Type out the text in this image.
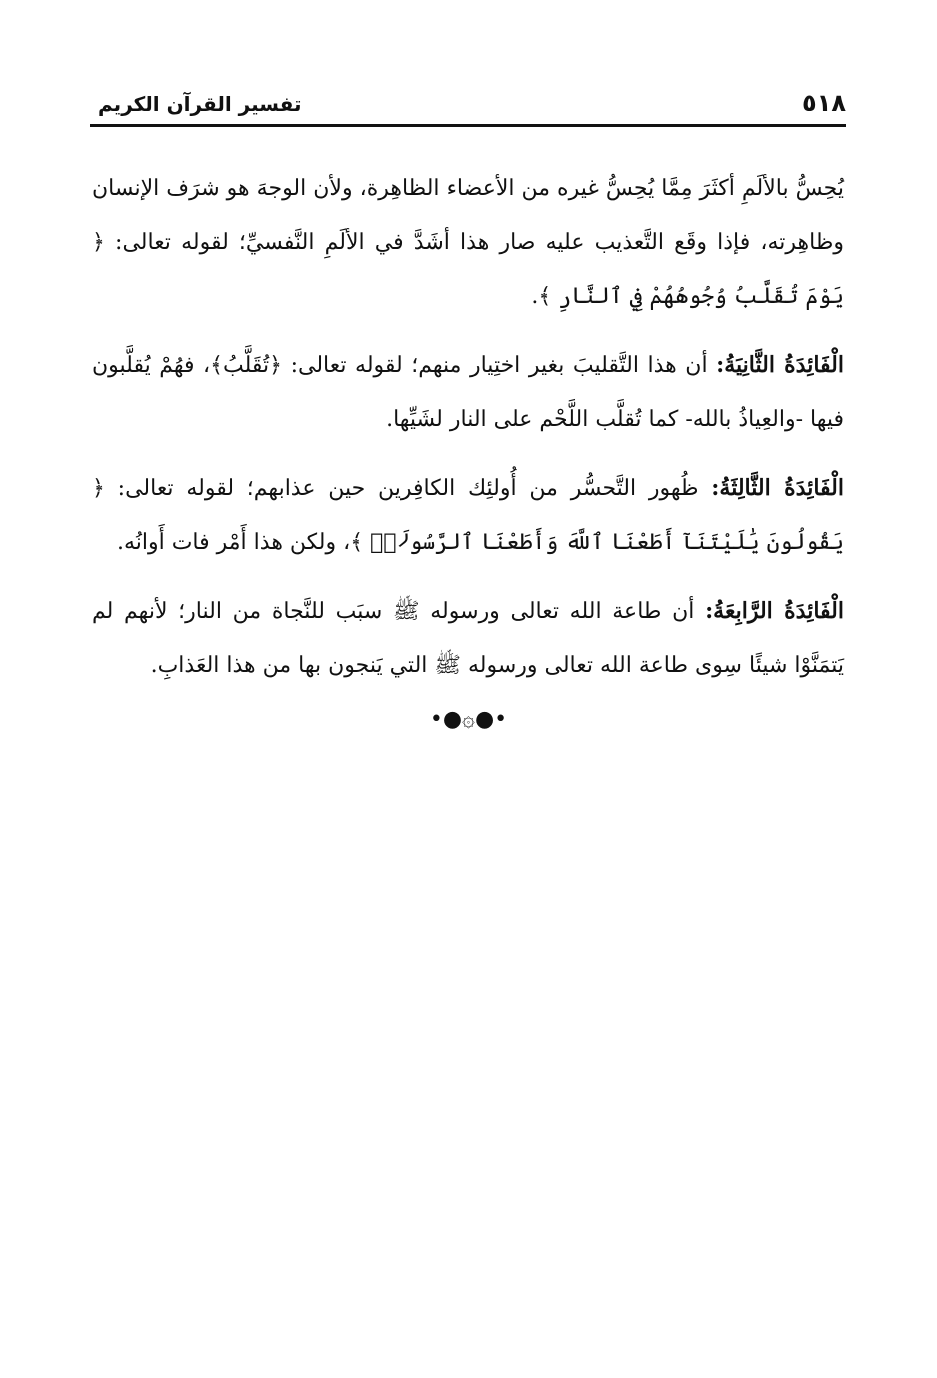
٥١٨
تفسير القرآن الكريم

يُحِسُّ بالألَمِ أكثَرَ مِمَّا يُحِسُّ غيره من الأعضاء الظاهِرة، ولأن الوجهَ هو شرَف الإنسان وظاهِرته، فإذا وقَع التَّعذيب عليه صار هذا أشَدَّ في الألَمِ النَّفسيِّ؛ لقوله تعالى: ﴿ يَوْمَ تُقَلَّبُ وُجُوهُهُمْ فِي ٱلنَّارِ ﴾.

الْفَائِدَةُ الثَّانِيَةُ: أن هذا التَّقليبَ بغير اختِيار منهم؛ لقوله تعالى: ﴿تُقَلَّبُ﴾، فهُمْ يُقلَّبون فيها -والعِياذُ بالله- كما تُقلَّب اللَّحْم على النار لشَيِّها.

الْفَائِدَةُ الثَّالِثَةُ: ظُهور التَّحسُّر من أُولئِك الكافِرين حين عذابهم؛ لقوله تعالى: ﴿ يَقُولُونَ يَٰلَيْتَنَآ أَطَعْنَا ٱللَّهَ وَأَطَعْنَا ٱلرَّسُولَا۠ ﴾، ولكن هذا أَمْر فات أَوانُه.

الْفَائِدَةُ الرَّابِعَةُ: أن طاعة الله تعالى ورسوله ﷺ سبَب للنَّجاة من النار؛ لأنهم لم يَتمَنَّوْا شيئًا سِوى طاعة الله تعالى ورسوله ﷺ التي يَنجون بها من هذا العَذابِ.

•●۞●•
